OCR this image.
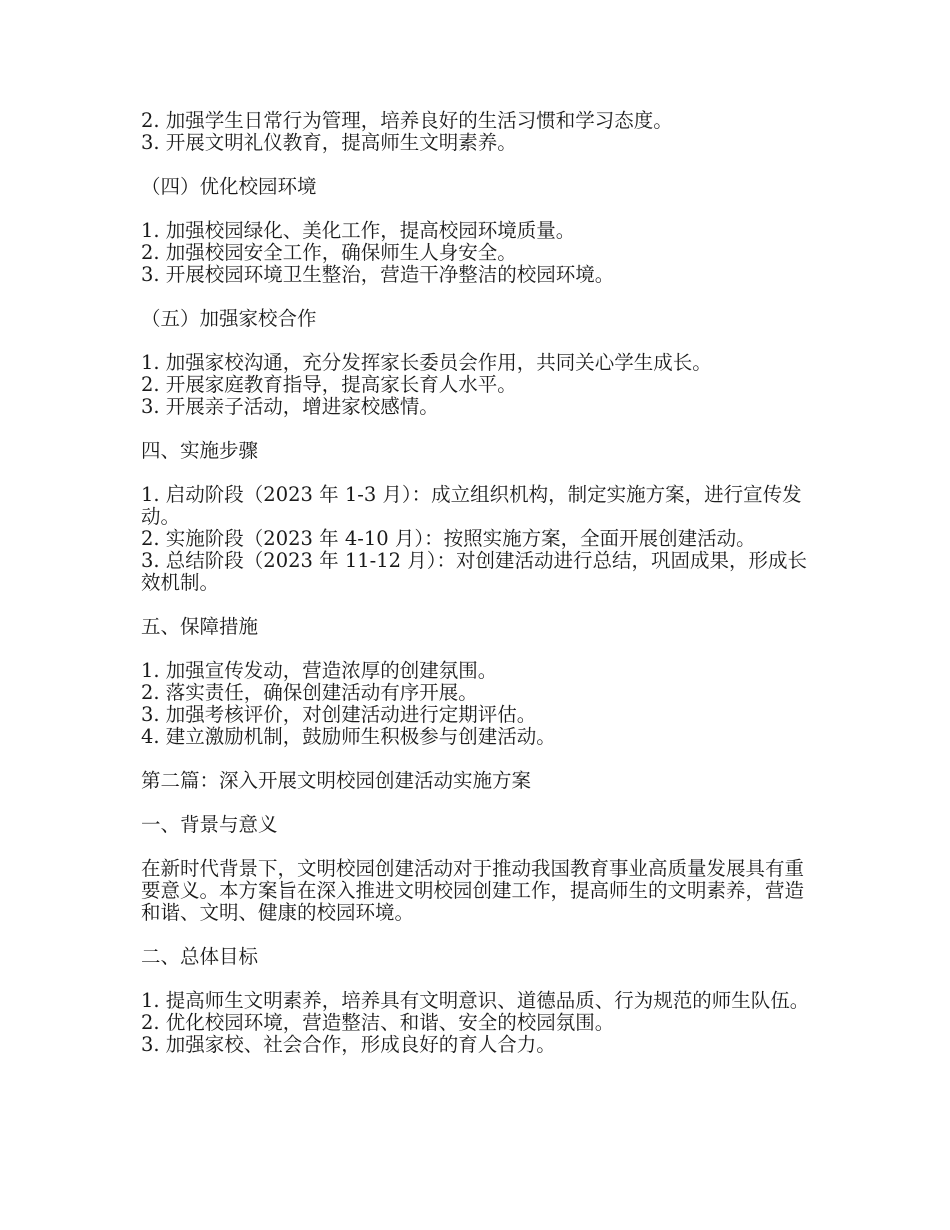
2. 加强学生日常行为管理，培养良好的生活习惯和学习态度。

3. 开展文明礼仪教育，提高师生文明素养。

（四）优化校园环境

1. 加强校园绿化、美化工作，提高校园环境质量。

2. 加强校园安全工作，确保师生人身安全。

3. 开展校园环境卫生整治，营造干净整洁的校园环境。

（五）加强家校合作

1. 加强家校沟通，充分发挥家长委员会作用，共同关心学生成长。

2. 开展家庭教育指导，提高家长育人水平。

3. 开展亲子活动，增进家校感情。

四、实施步骤

1. 启动阶段（2023 年 1-3 月）：成立组织机构，制定实施方案，进行宣传发动。

2. 实施阶段（2023 年 4-10 月）：按照实施方案，全面开展创建活动。

3. 总结阶段（2023 年 11-12 月）：对创建活动进行总结，巩固成果，形成长效机制。

五、保障措施

1. 加强宣传发动，营造浓厚的创建氛围。

2. 落实责任，确保创建活动有序开展。

3. 加强考核评价，对创建活动进行定期评估。

4. 建立激励机制，鼓励师生积极参与创建活动。

第二篇：深入开展文明校园创建活动实施方案

一、背景与意义

在新时代背景下，文明校园创建活动对于推动我国教育事业高质量发展具有重要意义。本方案旨在深入推进文明校园创建工作，提高师生的文明素养，营造和谐、文明、健康的校园环境。

二、总体目标

1. 提高师生文明素养，培养具有文明意识、道德品质、行为规范的师生队伍。

2. 优化校园环境，营造整洁、和谐、安全的校园氛围。

3. 加强家校、社会合作，形成良好的育人合力。
